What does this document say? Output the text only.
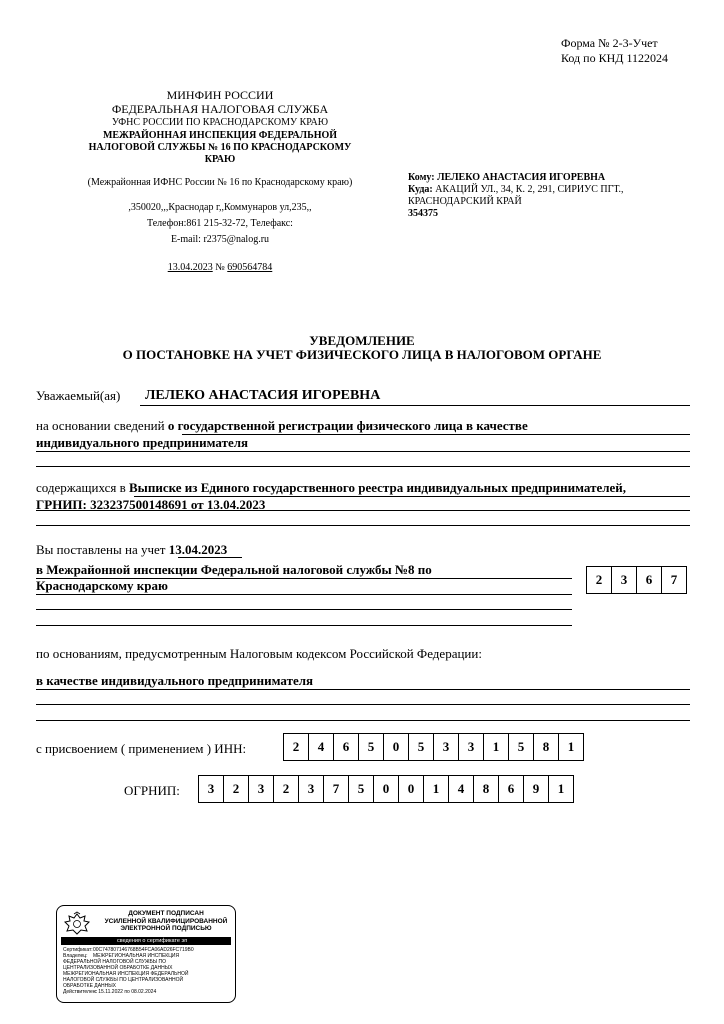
Форма № 2-3-Учет
Код по КНД 1122024
МИНФИН РОССИИ
ФЕДЕРАЛЬНАЯ НАЛОГОВАЯ СЛУЖБА
УФНС РОССИИ ПО КРАСНОДАРСКОМУ КРАЮ
МЕЖРАЙОННАЯ ИНСПЕКЦИЯ ФЕДЕРАЛЬНОЙ
НАЛОГОВОЙ СЛУЖБЫ № 16 ПО КРАСНОДАРСКОМУ
КРАЮ
(Межрайонная ИФНС России № 16 по Краснодарскому краю)
,350020,,,Краснодар г,,Коммунаров ул,235,,
Телефон:861 215-32-72, Телефакс:
E-mail: r2375@nalog.ru
13.04.2023 № 690564784
Кому: ЛЕЛЕКО АНАСТАСИЯ ИГОРЕВНА
Куда: АКАЦИЙ УЛ., 34, К. 2, 291, СИРИУС ПГТ.,
КРАСНОДАРСКИЙ КРАЙ
354375
УВЕДОМЛЕНИЕ
О ПОСТАНОВКЕ НА УЧЕТ ФИЗИЧЕСКОГО ЛИЦА В НАЛОГОВОМ ОРГАНЕ
Уважаемый(ая) ЛЕЛЕКО АНАСТАСИЯ ИГОРЕВНА
на основании сведений о государственной регистрации физического лица в качестве
индивидуального предпринимателя
содержащихся в Выписке из Единого государственного реестра индивидуальных предпринимателей,
ГРНИП: 323237500148691 от 13.04.2023
Вы поставлены на учет 13.04.2023
в Межрайонной инспекции Федеральной налоговой службы №8 по
Краснодарскому краю	2	3	6	7
по основаниям, предусмотренным Налоговым кодексом Российской Федерации:
в качестве индивидуального предпринимателя
с присвоением ( применением ) ИНН:	2	4	6	5	0	5	3	3	1	5	8	1
ОГРНИП:	3	2	3	2	3	7	5	0	0	1	4	8	6	9	1
ДОКУМЕНТ ПОДПИСАН
УСИЛЕННОЙ КВАЛИФИЦИРОВАННОЙ
ЭЛЕКТРОННОЙ ПОДПИСЬЮ
сведения о сертификате эп
Сертификат:00C747807146768B54FCA06AD26FC719B0
Владелец: МЕЖРЕГИОНАЛЬНАЯ ИНСПЕКЦИЯ
ФЕДЕРАЛЬНОЙ НАЛОГОВОЙ СЛУЖБЫ ПО
ЦЕНТРАЛИЗОВАННОЙ ОБРАБОТКЕ ДАННЫХ
МЕЖРЕГИОНАЛЬНАЯ ИНСПЕКЦИЯ ФЕДЕРАЛЬНОЙ
НАЛОГОВОЙ СЛУЖБЫ ПО ЦЕНТРАЛИЗОВАННОЙ
ОБРАБОТКЕ ДАННЫХ
Действителен: с 15.11.2022 по 08.02.2024
